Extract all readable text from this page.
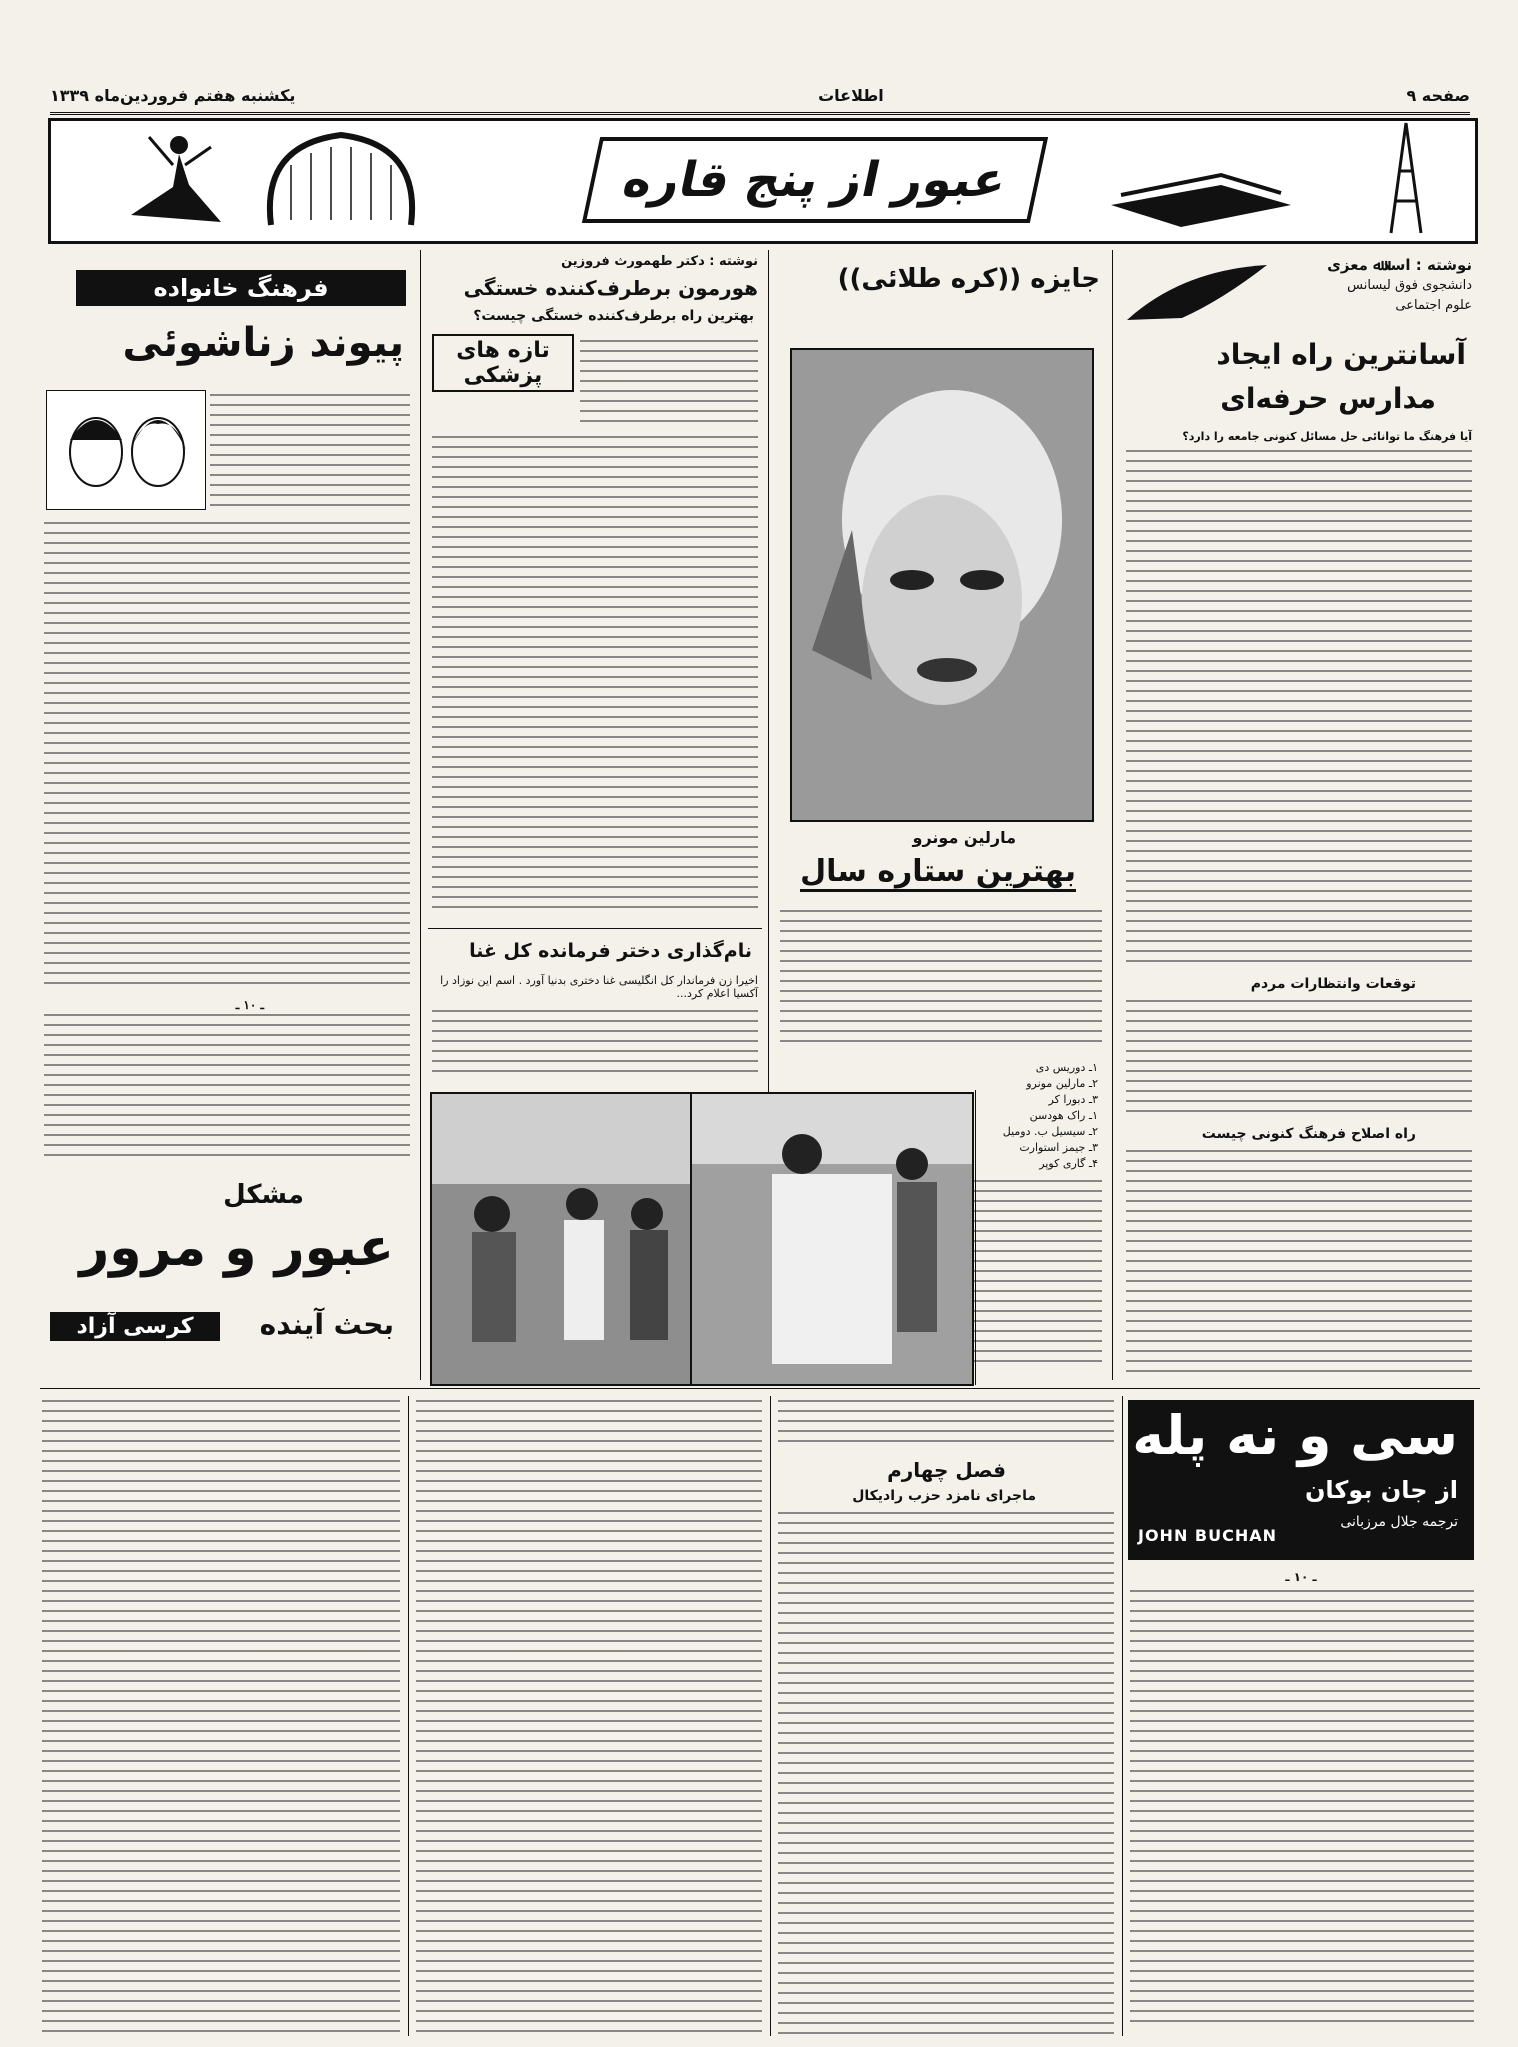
صفحه ۹
اطلاعات
یکشنبه هفتم فروردین‌ماه ۱۳۳۹
عبور از پنج قاره
نوشته : اسدﷲ معزی
دانشجوی فوق لیسانس
علوم اجتماعی
آسانترین راه ایجاد
مدارس حرفه‌ای
آیا فرهنگ ما توانائی حل مسائل کنونی جامعه را دارد؟
توقعات وانتظارات مردم
راه اصلاح فرهنگ کنونی چیست
جایزه ((کره طلائی))
مارلین مونرو
بهترین ستاره سال
۱ـ دوریس دی
۲ـ مارلین مونرو
۳ـ دبورا کر
۱ـ راک هودسن
۲ـ سیسیل ب. دومیل
۳ـ جیمز استوارت
۴ـ گاری کوپر
نوشته : دکتر طهمورث فروزین
هورمون برطرف‌کننده خستگی
بهترین راه برطرف‌کننده خستگی چیست؟
تازه های پزشکی
نام‌گذاری دختر فرمانده کل غنا
اخیرا زن فرماندار کل انگلیسی غنا دختری بدنیا آورد . اسم این نوزاد را آکسیا اعلام کرد...
فرهنگ خانواده
پیوند زناشوئی
ـ ۱۰ ـ
مشکل
عبور و مرور
بحث آینده
کرسی آزاد
سی و نه پله
از جان بوکان
ترجمه جلال مرزبانی
JOHN BUCHAN
ـ ۱۰ ـ
فصل چهارم
ماجرای نامزد حزب رادیکال
